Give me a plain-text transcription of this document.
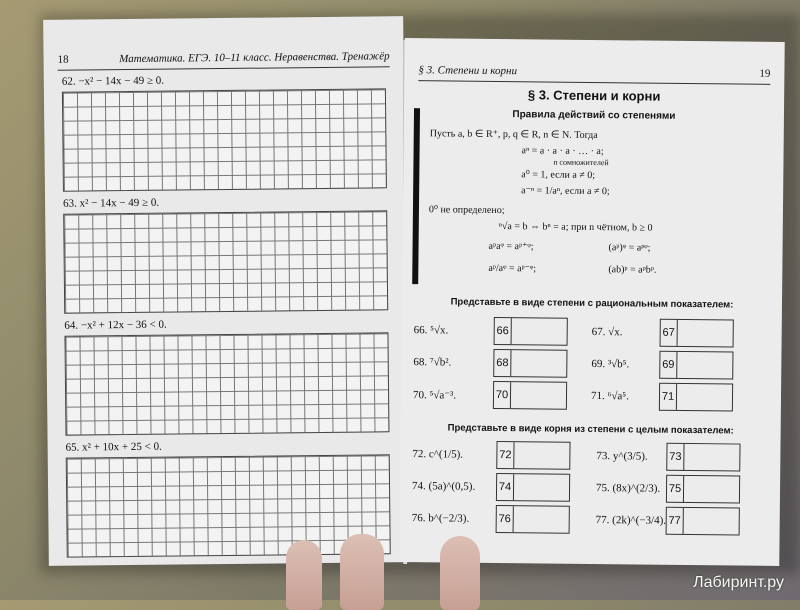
18	Математика. ЕГЭ. 10–11 класс. Неравенства. Тренажёр
62. −x² − 14x − 49 ≥ 0.
63. x² − 14x − 49 ≥ 0.
64. −x² + 12x − 36 < 0.
65. x² + 10x + 25 < 0.
§ 3. Степени и корни	19
§ 3. Степени и корни
Правила действий со степенями
Пусть a, b ∈ R⁺, p, q ∈ R, n ∈ N. Тогда
aⁿ = a · a · a · … · a;
n сомножителей
a⁰ = 1, если a ≠ 0;
a⁻ⁿ = 1/aⁿ, если a ≠ 0;
0⁰ не определено;
ⁿ√a = b ⇔ bⁿ = a; при n чётном, b ≥ 0
aᵖaᵠ = aᵖ⁺ᵠ;	(aᵖ)ᵠ = aᵖᵠ;
aᵖ/aᵠ = aᵖ⁻ᵠ;	(ab)ᵖ = aᵖbᵖ.
Представьте в виде степени с рациональным показателем:
66. ⁵√x.	66	67. √x.	67
68. ⁷√b².	68	69. ³√b⁵.	69
70. ⁵√a⁻³.	70	71. ⁶√a⁵.	71
Представьте в виде корня из степени с целым показателем:
72. c^(1/5).	72	73. y^(3/5). 73
74. (5a)^(0,5). 74	75. (8x)^(2/3). 75
76. b^(−2/3).	76	77. (2k)^(−3/4). 77
Лабиринт.ру
